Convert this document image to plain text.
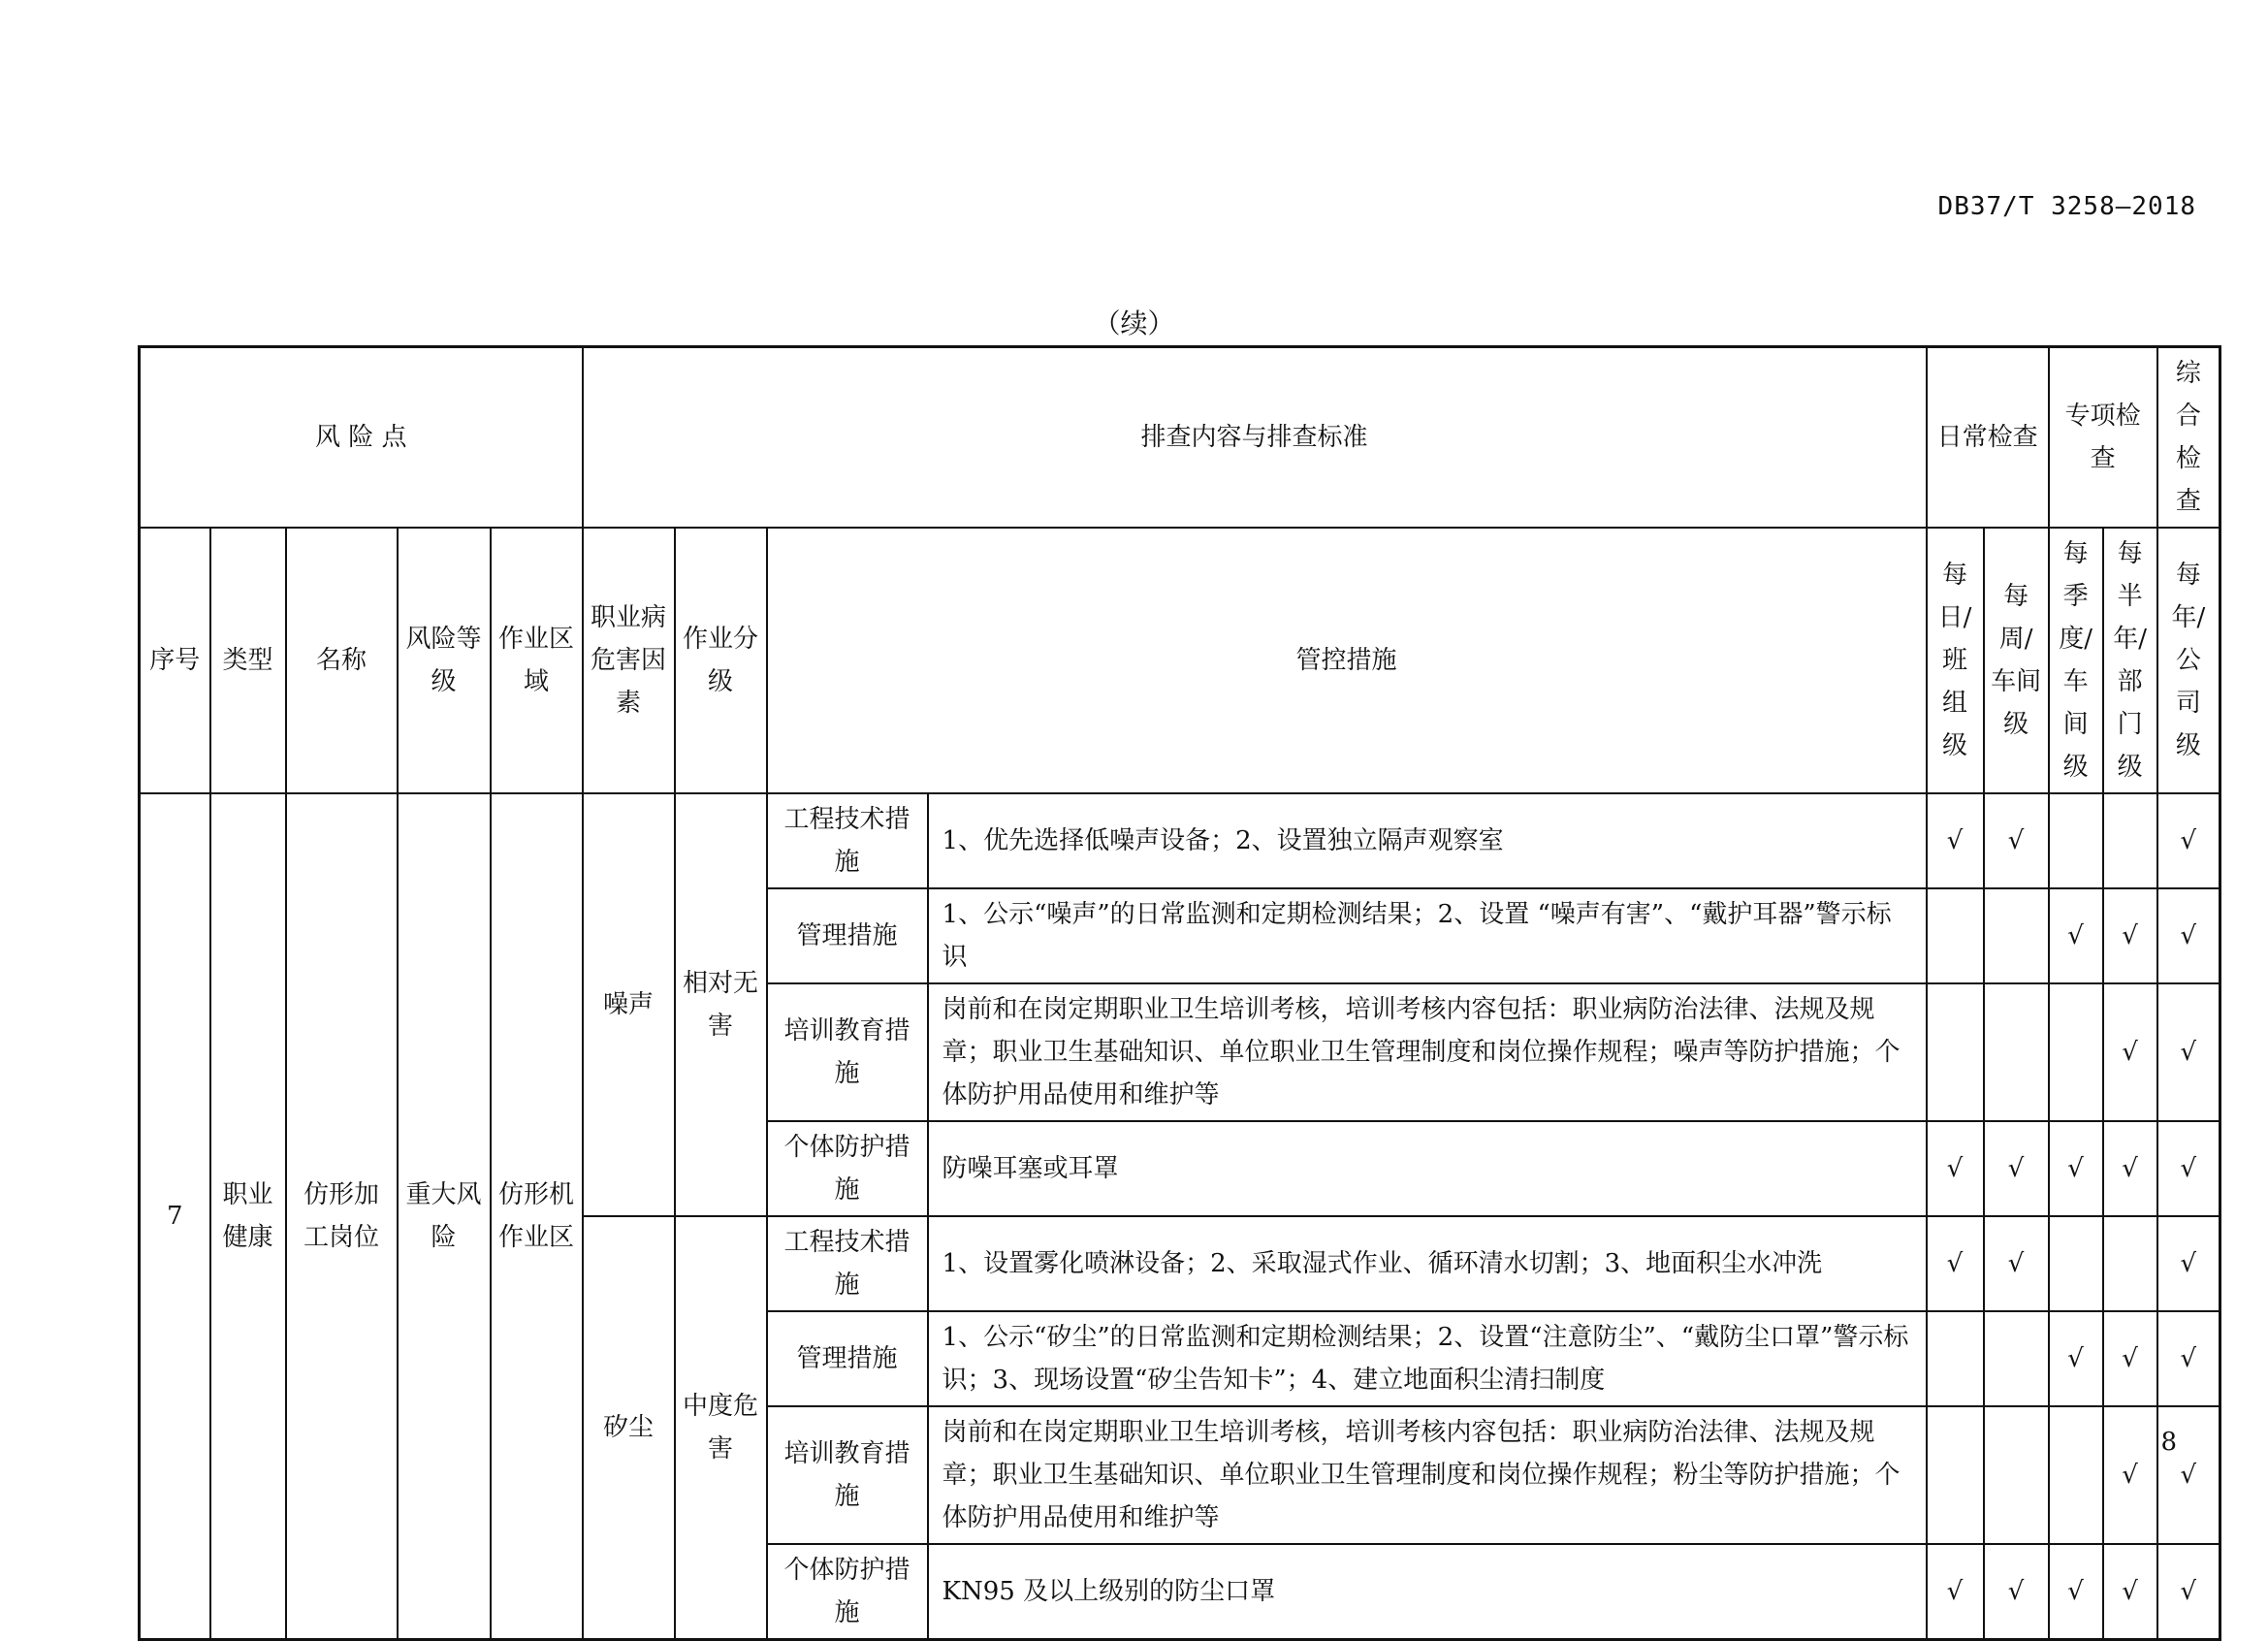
DB37/T 3258—2018
（续）
风 险 点					排查内容与排查标准				日常检查		专项检查		综合检查
序号	类型	名称	风险等级	作业区域	职业病危害因素	作业分级	管控措施		每日/班组级	每周/车间级	每季度/车间级	每半年/部门级	每年/公司级
7	职业健康	仿形加工岗位	重大风险	仿形机作业区	噪声	相对无害	工程技术措施	1、优先选择低噪声设备；2、设置独立隔声观察室	√	√			√
							管理措施	1、公示“噪声”的日常监测和定期检测结果；2、设置 “噪声有害”、“戴护耳器”警示标识			√	√	√
							培训教育措施	岗前和在岗定期职业卫生培训考核，培训考核内容包括：职业病防治法律、法规及规章；职业卫生基础知识、单位职业卫生管理制度和岗位操作规程；噪声等防护措施；个体防护用品使用和维护等				√	√
							个体防护措施	防噪耳塞或耳罩	√	√	√	√	√
					矽尘	中度危害	工程技术措施	1、设置雾化喷淋设备；2、采取湿式作业、循环清水切割；3、地面积尘水冲洗	√	√			√
							管理措施	1、公示“矽尘”的日常监测和定期检测结果；2、设置“注意防尘”、“戴防尘口罩”警示标识；3、现场设置“矽尘告知卡”；4、建立地面积尘清扫制度			√	√	√
							培训教育措施	岗前和在岗定期职业卫生培训考核，培训考核内容包括：职业病防治法律、法规及规章；职业卫生基础知识、单位职业卫生管理制度和岗位操作规程；粉尘等防护措施；个体防护用品使用和维护等				√	√
							个体防护措施	KN95 及以上级别的防尘口罩	√	√	√	√	√
8
